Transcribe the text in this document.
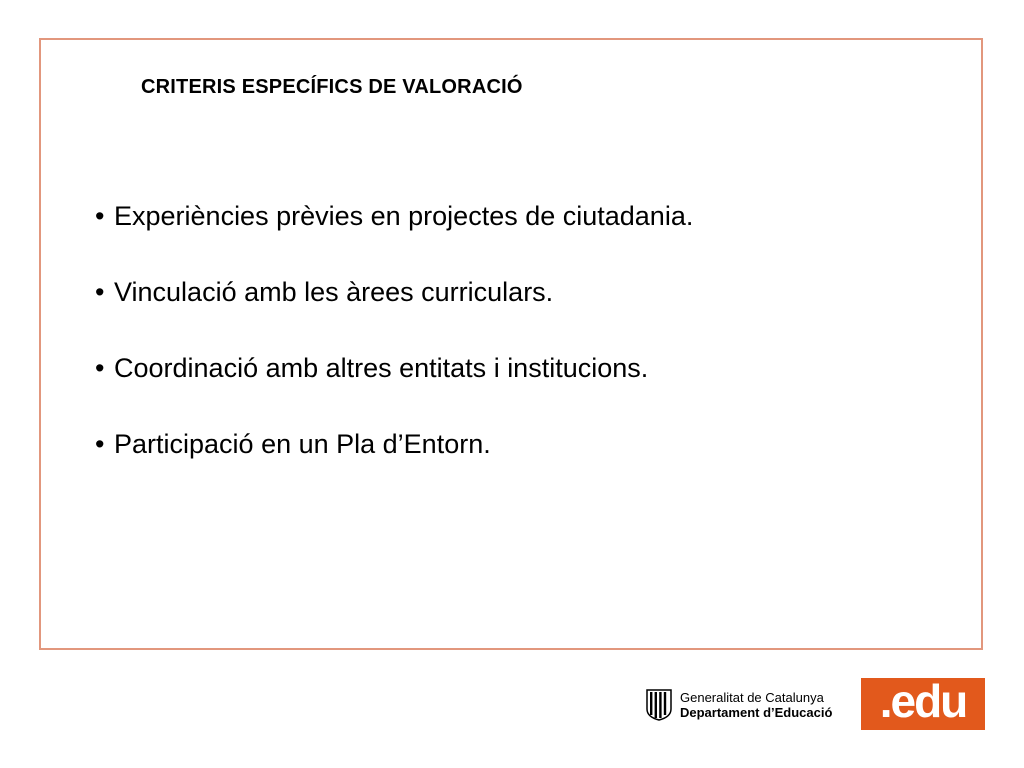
CRITERIS ESPECÍFICS DE VALORACIÓ
• Experiències prèvies en projectes de ciutadania.
• Vinculació amb les àrees curriculars.
• Coordinació amb altres entitats i institucions.
• Participació en un Pla d’Entorn.
Generalitat de Catalunya
Departament d’Educació .edu
